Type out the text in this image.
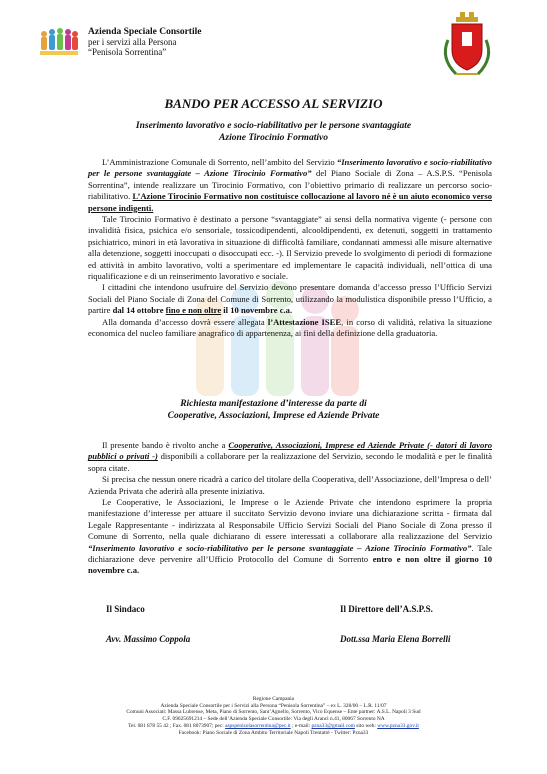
Azienda Speciale Consortile
per i servizi alla Persona
“Penisola Sorrentina”
BANDO PER ACCESSO AL SERVIZIO
Inserimento lavorativo e socio-riabilitativo per le persone svantaggiate
Azione Tirocinio Formativo

L’Amministrazione Comunale di Sorrento, nell’ambito del Servizio “Inserimento lavorativo e socio-riabilitativo per le persone svantaggiate – Azione Tirocinio Formativo” del Piano Sociale di Zona – A.S.P.S. “Penisola Sorrentina”, intende realizzare un Tirocinio Formativo, con l’obiettivo primario di realizzare un percorso socio-riabilitativo. L’Azione Tirocinio Formativo non costituisce collocazione al lavoro né è un aiuto economico verso persone indigenti.

Tale Tirocinio Formativo è destinato a persone “svantaggiate” ai sensi della normativa vigente (- persone con invalidità fisica, psichica e/o sensoriale, tossicodipendenti, alcooldipendenti, ex detenuti, soggetti in trattamento psichiatrico, minori in età lavorativa in situazione di difficoltà familiare, condannati ammessi alle misure alternative alla detenzione, soggetti inoccupati o disoccupati ecc. -). Il Servizio prevede lo svolgimento di periodi di formazione ed attività in ambito lavorativo, volti a sperimentare ed implementare le capacità individuali, nell’ottica di una riqualificazione e di un reinserimento lavorativo e sociale.

I cittadini che intendono usufruire del Servizio devono presentare domanda d’accesso presso l’Ufficio Servizi Sociali del Piano Sociale di Zona del Comune di Sorrento, utilizzando la modulistica disponibile presso l’Ufficio, a partire dal 14 ottobre fino e non oltre il 10 novembre c.a.

Alla domanda d’accesso dovrà essere allegata l’Attestazione ISEE, in corso di validità, relativa la situazione economica del nucleo familiare anagrafico di appartenenza, ai fini della definizione della graduatoria.

Richiesta manifestazione d’interesse da parte di
Cooperative, Associazioni, Imprese ed Aziende Private

Il presente bando è rivolto anche a Cooperative, Associazioni, Imprese ed Aziende Private (- datori di lavoro pubblici o privati -) disponibili a collaborare per la realizzazione del Servizio, secondo le modalità e per le finalità sopra citate.

Si precisa che nessun onere ricadrà a carico del titolare della Cooperativa, dell’Associazione, dell’Impresa o dell’ Azienda Privata che aderirà alla presente iniziativa.

Le Cooperative, le Associazioni, le Imprese o le Aziende Private che intendono esprimere la propria manifestazione d’interesse per attuare il succitato Servizio devono inviare una dichiarazione scritta - firmata dal Legale Rappresentante - indirizzata al Responsabile Ufficio Servizi Sociali del Piano Sociale di Zona presso il Comune di Sorrento, nella quale dichiarano di essere interessati a collaborare alla realizzazione del Servizio “Inserimento lavorativo e socio-riabilitativo per le persone svantaggiate – Azione Tirocinio Formativo”. Tale dichiarazione deve pervenire all’Ufficio Protocollo del Comune di Sorrento entro e non oltre il giorno 10 novembre c.a.

Il Sindaco	Il Direttore dell’A.S.P.S.
Avv. Massimo Coppola	Dott.ssa Maria Elena Borrelli
Regione Campania
Azienda Speciale Consortile per i Servizi alla Persona “Penisola Sorrentina” – ex L. 328/00 – L.R. 11/07
Comuni Associati: Massa Lubrense, Meta, Piano di Sorrento, Sant’Agnello, Sorrento, Vico Equense – Ente partner: A.S.L. Napoli 3 Sud
C.F. 09025691214 – Sede dell’Azienda Speciale Consortile: Via degli Aranci n.41, 80067 Sorrento NA
Tel. 081 878 55 42 ; Fax. 081 8073907; pec: aspspenisolasorrentina@pec.it ; e-mail: pzna33@gmail.com sito web: www.pzna33.gov.it
Facebook: Piano Sociale di Zona Ambito Territoriale Napoli Trentatré - Twitter: Pzna33
